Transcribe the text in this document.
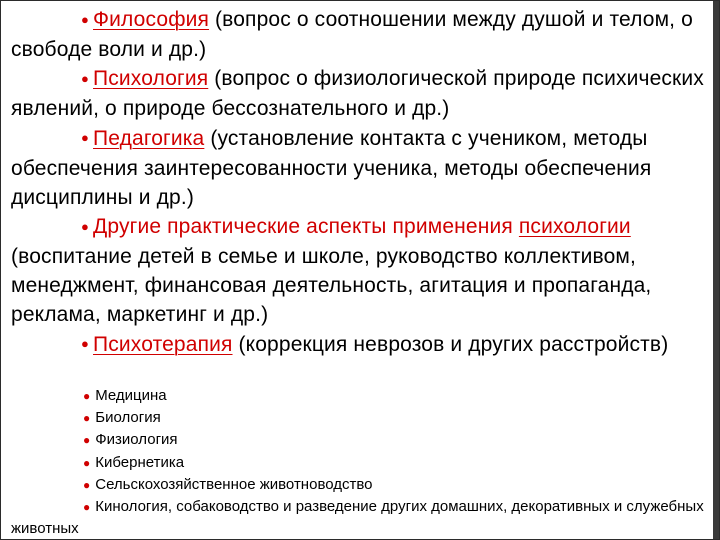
● Философия (вопрос о соотношении между душой и телом, о свободе воли и др.)

● Психология (вопрос о физиологической природе психических явлений, о природе бессознательного и др.)

● Педагогика (установление контакта с учеником, методы обеспечения заинтересованности ученика, методы обеспечения дисциплины и др.)

● Другие практические аспекты применения психологии (воспитание детей в семье и школе, руководство коллективом, менеджмент, финансовая деятельность, агитация и пропаганда, реклама, маркетинг и др.)

● Психотерапия (коррекция неврозов и других расстройств)

● Медицина

● Биология

● Физиология

● Кибернетика

● Сельскохозяйственное животноводство

● Кинология, собаководство и разведение других домашних, декоративных и служебных животных
